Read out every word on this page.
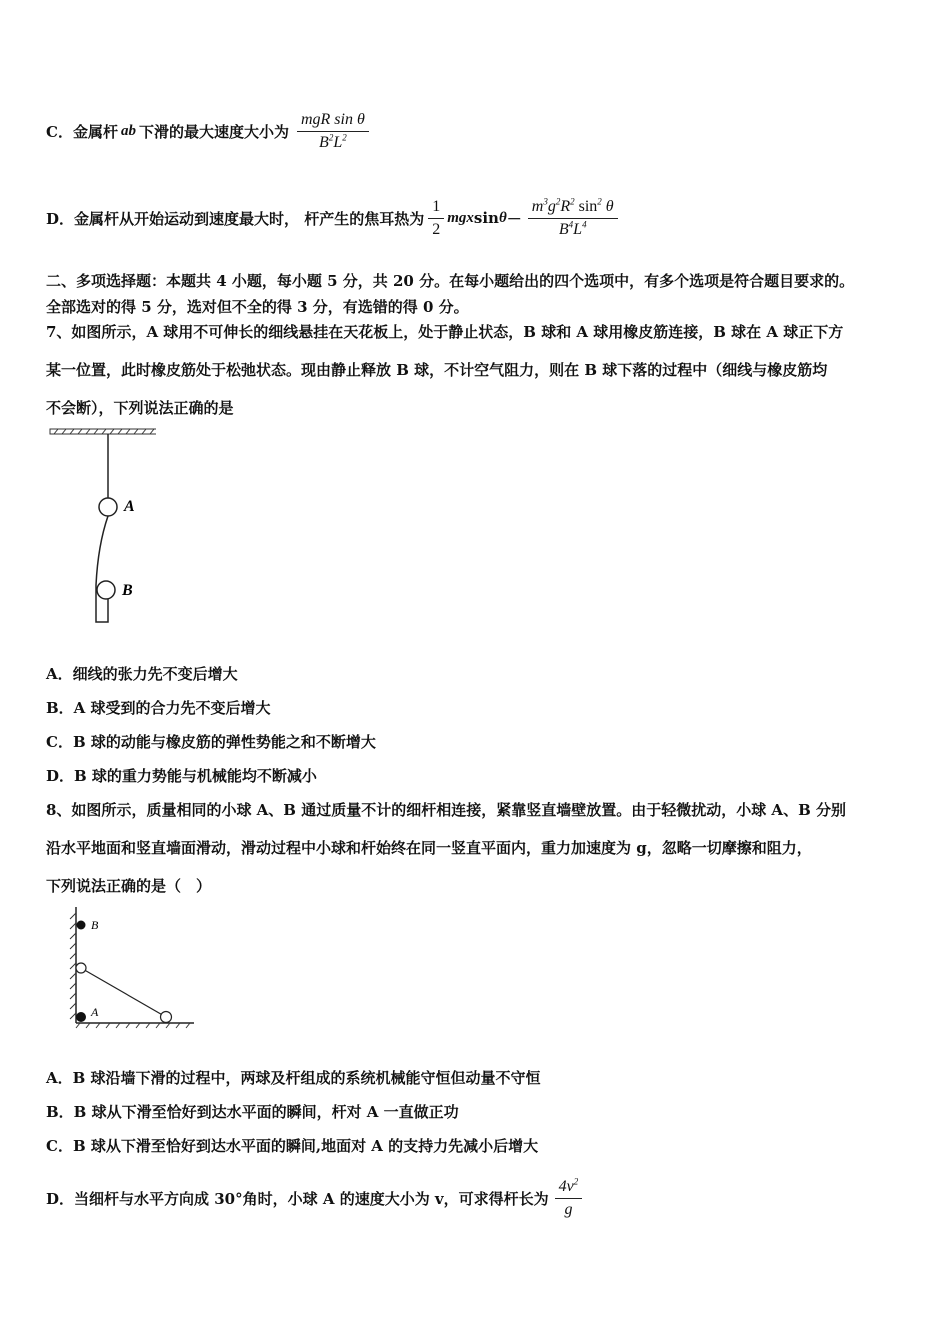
C．金属杆 ab 下滑的最大速度大小为 $\frac{\text{mgR sin θ}}{B^2L^2}$
D．金属杆从开始运动到速度最大时， 杆产生的焦耳热为 $\frac{1}{2}$ mgx $\sin \theta - \frac{m^3g^2R^2 \sin^2 \theta}{B^4L^4}$
二、多项选择题：本题共 4 小题，每小题 5 分，共 20 分。在每小题给出的四个选项中，有多个选项是符合题目要求的。
全部选对的得 5 分，选对但不全的得 3 分，有选错的得 0 分。
7、如图所示，A 球用不可伸长的细线悬挂在天花板上，处于静止状态，B 球和 A 球用橡皮筋连接，B 球在 A 球正下方
某一位置，此时橡皮筋处于松弛状态。现由静止释放 B 球，不计空气阻力，则在 B 球下落的过程中（细线与橡皮筋均
不会断），下列说法正确的是
A
B
A．细线的张力先不变后增大
B．A 球受到的合力先不变后增大
C．B 球的动能与橡皮筋的弹性势能之和不断增大
D．B 球的重力势能与机械能均不断减小
8、如图所示，质量相同的小球 A、B 通过质量不计的细杆相连接，紧靠竖直墙壁放置。由于轻微扰动，小球 A、B 分别
沿水平地面和竖直墙面滑动，滑动过程中小球和杆始终在同一竖直平面内，重力加速度为 g，忽略一切摩擦和阻力，
下列说法正确的是（　）
B
A
A．B 球沿墙下滑的过程中，两球及杆组成的系统机械能守恒但动量不守恒
B．B 球从下滑至恰好到达水平面的瞬间，杆对 A 一直做正功
C．B 球从下滑至恰好到达水平面的瞬间,地面对 A 的支持力先减小后增大
D．当细杆与水平方向成 30°角时，小球 A 的速度大小为 v，可求得杆长为 $\frac{4v^2}{g}$
